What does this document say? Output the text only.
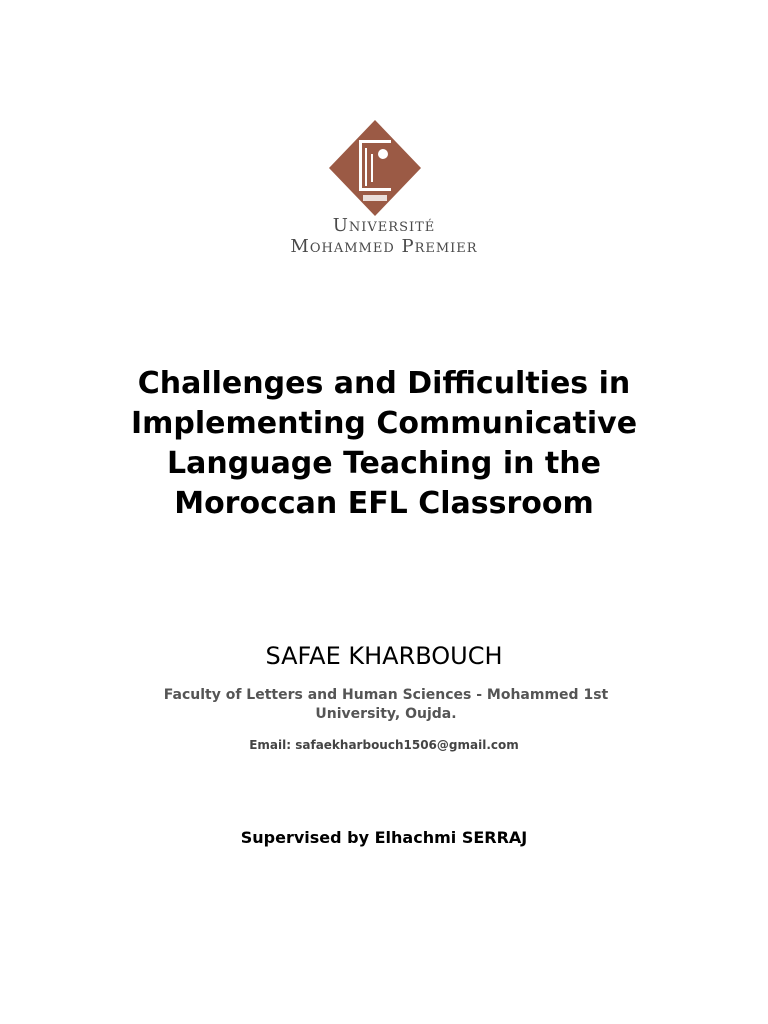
Université
Mohammed Premier
Challenges and Difficulties in Implementing Communicative Language Teaching in the Moroccan EFL Classroom
SAFAE KHARBOUCH
Faculty of Letters and Human Sciences - Mohammed 1st University, Oujda.
Email: safaekharbouch1506@gmail.com
Supervised by Elhachmi SERRAJ
